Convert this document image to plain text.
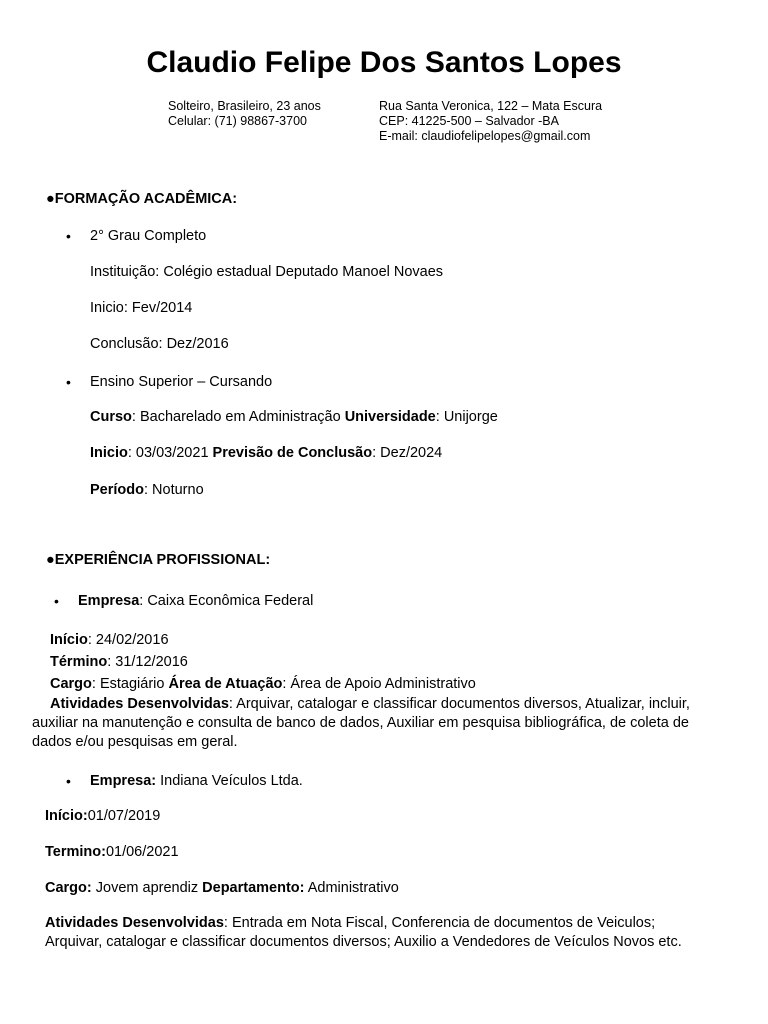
Claudio Felipe Dos Santos Lopes
Solteiro, Brasileiro, 23 anos
Celular: (71) 98867-3700
Rua Santa Veronica, 122 – Mata Escura
CEP: 41225-500 – Salvador -BA
E-mail: claudiofelipelopes@gmail.com
●FORMAÇÃO ACADÊMICA:
• 2° Grau Completo
Instituição: Colégio estadual Deputado Manoel Novaes
Inicio: Fev/2014
Conclusão: Dez/2016
• Ensino Superior – Cursando
Curso: Bacharelado em Administração Universidade: Unijorge
Inicio: 03/03/2021 Previsão de Conclusão: Dez/2024
Período: Noturno
●EXPERIÊNCIA PROFISSIONAL:
• Empresa: Caixa Econômica Federal
Início: 24/02/2016
Término: 31/12/2016
Cargo: Estagiário Área de Atuação: Área de Apoio Administrativo
Atividades Desenvolvidas: Arquivar, catalogar e classificar documentos diversos, Atualizar, incluir,
auxiliar na manutenção e consulta de banco de dados, Auxiliar em pesquisa bibliográfica, de coleta de
dados e/ou pesquisas em geral.
• Empresa: Indiana Veículos Ltda.
Início:01/07/2019
Termino:01/06/2021
Cargo: Jovem aprendiz Departamento: Administrativo
Atividades Desenvolvidas: Entrada em Nota Fiscal, Conferencia de documentos de Veiculos;
Arquivar, catalogar e classificar documentos diversos; Auxilio a Vendedores de Veículos Novos etc.
